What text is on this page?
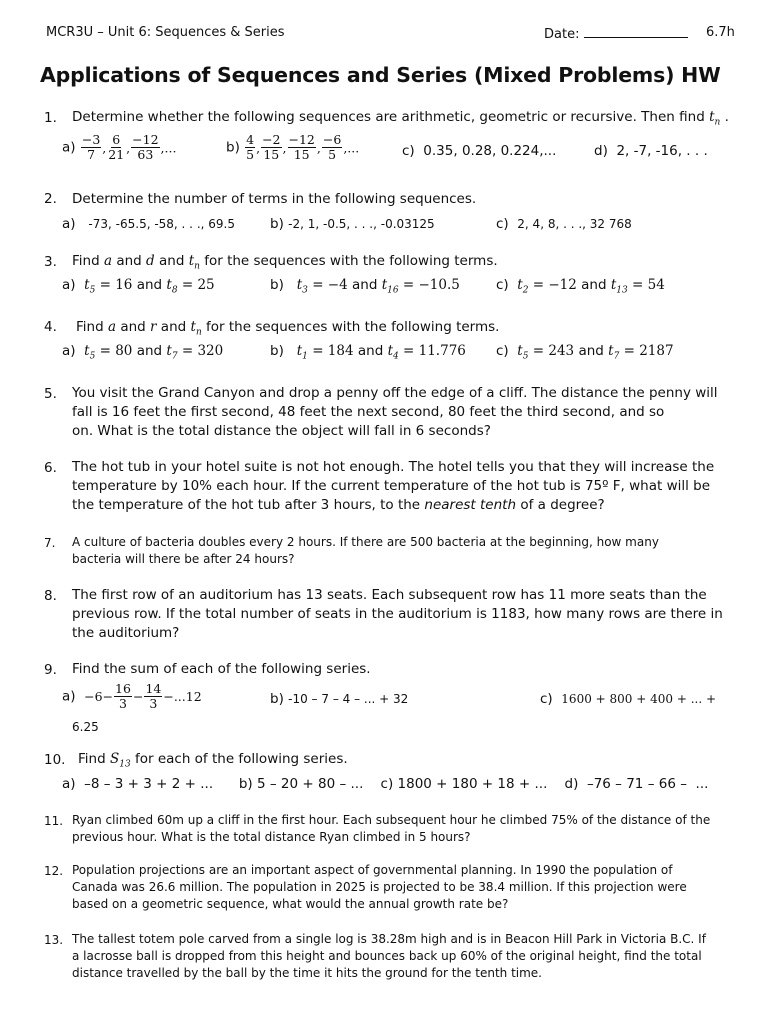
MCR3U – Unit 6: Sequences & Series	Date:	6.7h
Applications of Sequences and Series (Mixed Problems) HW
1. Determine whether the following sequences are arithmetic, geometric or recursive. Then find $t_n$ .
$a) \frac{-3}{7}$ , $\frac{6}{21}$ , $\frac{-12}{63}$ ,...	$b) \frac{4}{5}$ , $\frac{-2}{15}$ , $\frac{-12}{15}$ , $\frac{-6}{5}$ ,...	c) 0.35, 0.28, 0.224,...	d) 2, -7, -16, . . .
2. Determine the number of terms in the following sequences.
a) -73, -65.5, -58, . . ., 69.5	b) -2, 1, -0.5, . . ., -0.03125	c) 2, 4, 8, . . ., 32 768
3. Find a and d and $t_n$ for the sequences with the following terms.
a) $t_5 = 16$ and $t_8 = 25$	b) $t_3 = -4$ and $t_{16} = -10.5$	c) $t_2 = -12$ and $t_{13} = 54$
4. Find a and r and $t_n$ for the sequences with the following terms.
a) $t_5 = 80$ and $t_7 = 320$	b) $t_1 = 184$ and $t_4 = 11.776$ c) $t_5 = 243$ and $t_7 = 2187$
5. You visit the Grand Canyon and drop a penny off the edge of a cliff. The distance the penny will
fall is 16 feet the first second, 48 feet the next second, 80 feet the third second, and so
on. What is the total distance the object will fall in 6 seconds?
6. The hot tub in your hotel suite is not hot enough. The hotel tells you that they will increase the
temperature by 10% each hour. If the current temperature of the hot tub is 75º F, what will be
the temperature of the hot tub after 3 hours, to the nearest tenth of a degree?
7. A culture of bacteria doubles every 2 hours. If there are 500 bacteria at the beginning, how many
bacteria will there be after 24 hours?
8. The first row of an auditorium has 13 seats. Each subsequent row has 11 more seats than the
previous row. If the total number of seats in the auditorium is 1183, how many rows are there in
the auditorium?
9. Find the sum of each of the following series.
$a) -6- \frac{16}{3} - \frac{14}{3} -...12$
6.25
b) -10 – 7 – 4 – ... + 32	c) 1600 + 800 + 400 + ... +
10. Find $S_{13}$ for each of the following series.
a)  –8 – 3 + 3 + 2 + ...      b) 5 – 20 + 80 – ...    c) 1800 + 180 + 18 + ...    d)  –76 – 71 – 66 –  ...
11. Ryan climbed 60m up a cliff in the first hour. Each subsequent hour he climbed 75% of the distance of the
previous hour. What is the total distance Ryan climbed in 5 hours?
12. Population projections are an important aspect of governmental planning. In 1990 the population of
Canada was 26.6 million. The population in 2025 is projected to be 38.4 million. If this projection were
based on a geometric sequence, what would the annual growth rate be?
13. The tallest totem pole carved from a single log is 38.28m high and is in Beacon Hill Park in Victoria B.C. If
a lacrosse ball is dropped from this height and bounces back up 60% of the original height, find the total
distance travelled by the ball by the time it hits the ground for the tenth time.
